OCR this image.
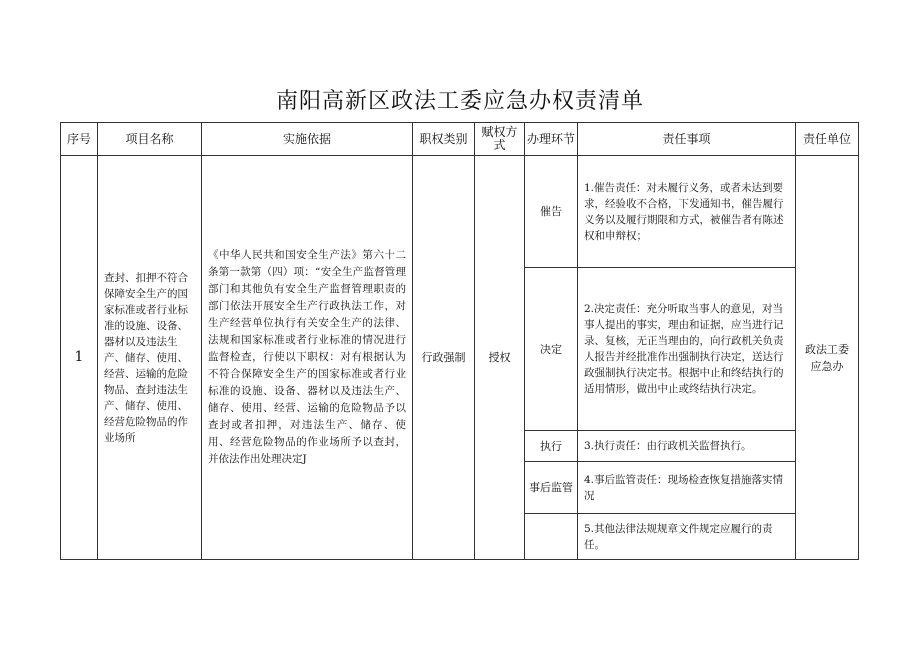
南阳高新区政法工委应急办权责清单
序号	项目名称	实施依据	职权类别	赋权方式	办理环节	责任事项	责任单位
1	查封、扣押不符合保障安全生产的国家标准或者行业标准的设施、设备、器材以及违法生产、储存、使用、经营、运输的危险物品、查封违法生产、储存、使用、经营危险物品的作业场所	《中华人民共和国安全生产法》第六十二条第一款第（四）项：“安全生产监督管理部门和其他负有安全生产监督管理职责的部门依法开展安全生产行政执法工作，对生产经营单位执行有关安全生产的法律、法规和国家标准或者行业标准的情况进行监督检查，行使以下职权：对有根据认为不符合保障安全生产的国家标准或者行业标准的设施、设备、器材以及违法生产、储存、使用、经营、运输的危险物品予以查封或者扣押，对违法生产、储存、使用、经营危险物品的作业场所予以查封，并依法作出处理决定J	行政强制	授权	催告	1.催告责任：对未履行义务，或者未达到要求，经验收不合格，下发通知书，催告履行义务以及履行期限和方式，被催告者有陈述权和申辩权；	政法工委应急办
					决定	2.决定责任：充分听取当事人的意见，对当事人提出的事实，理由和证据，应当进行记录、复核，无正当理由的，向行政机关负责人报告并经批准作出强制执行决定，送达行政强制执行决定书。根据中止和终结执行的适用情形，做出中止或终结执行决定。	
					执行	3.执行责任：由行政机关监督执行。	
					事后监管	4.事后监管责任：现场检查恢复措施落实情况	
						5.其他法律法规规章文件规定应履行的责任。	
